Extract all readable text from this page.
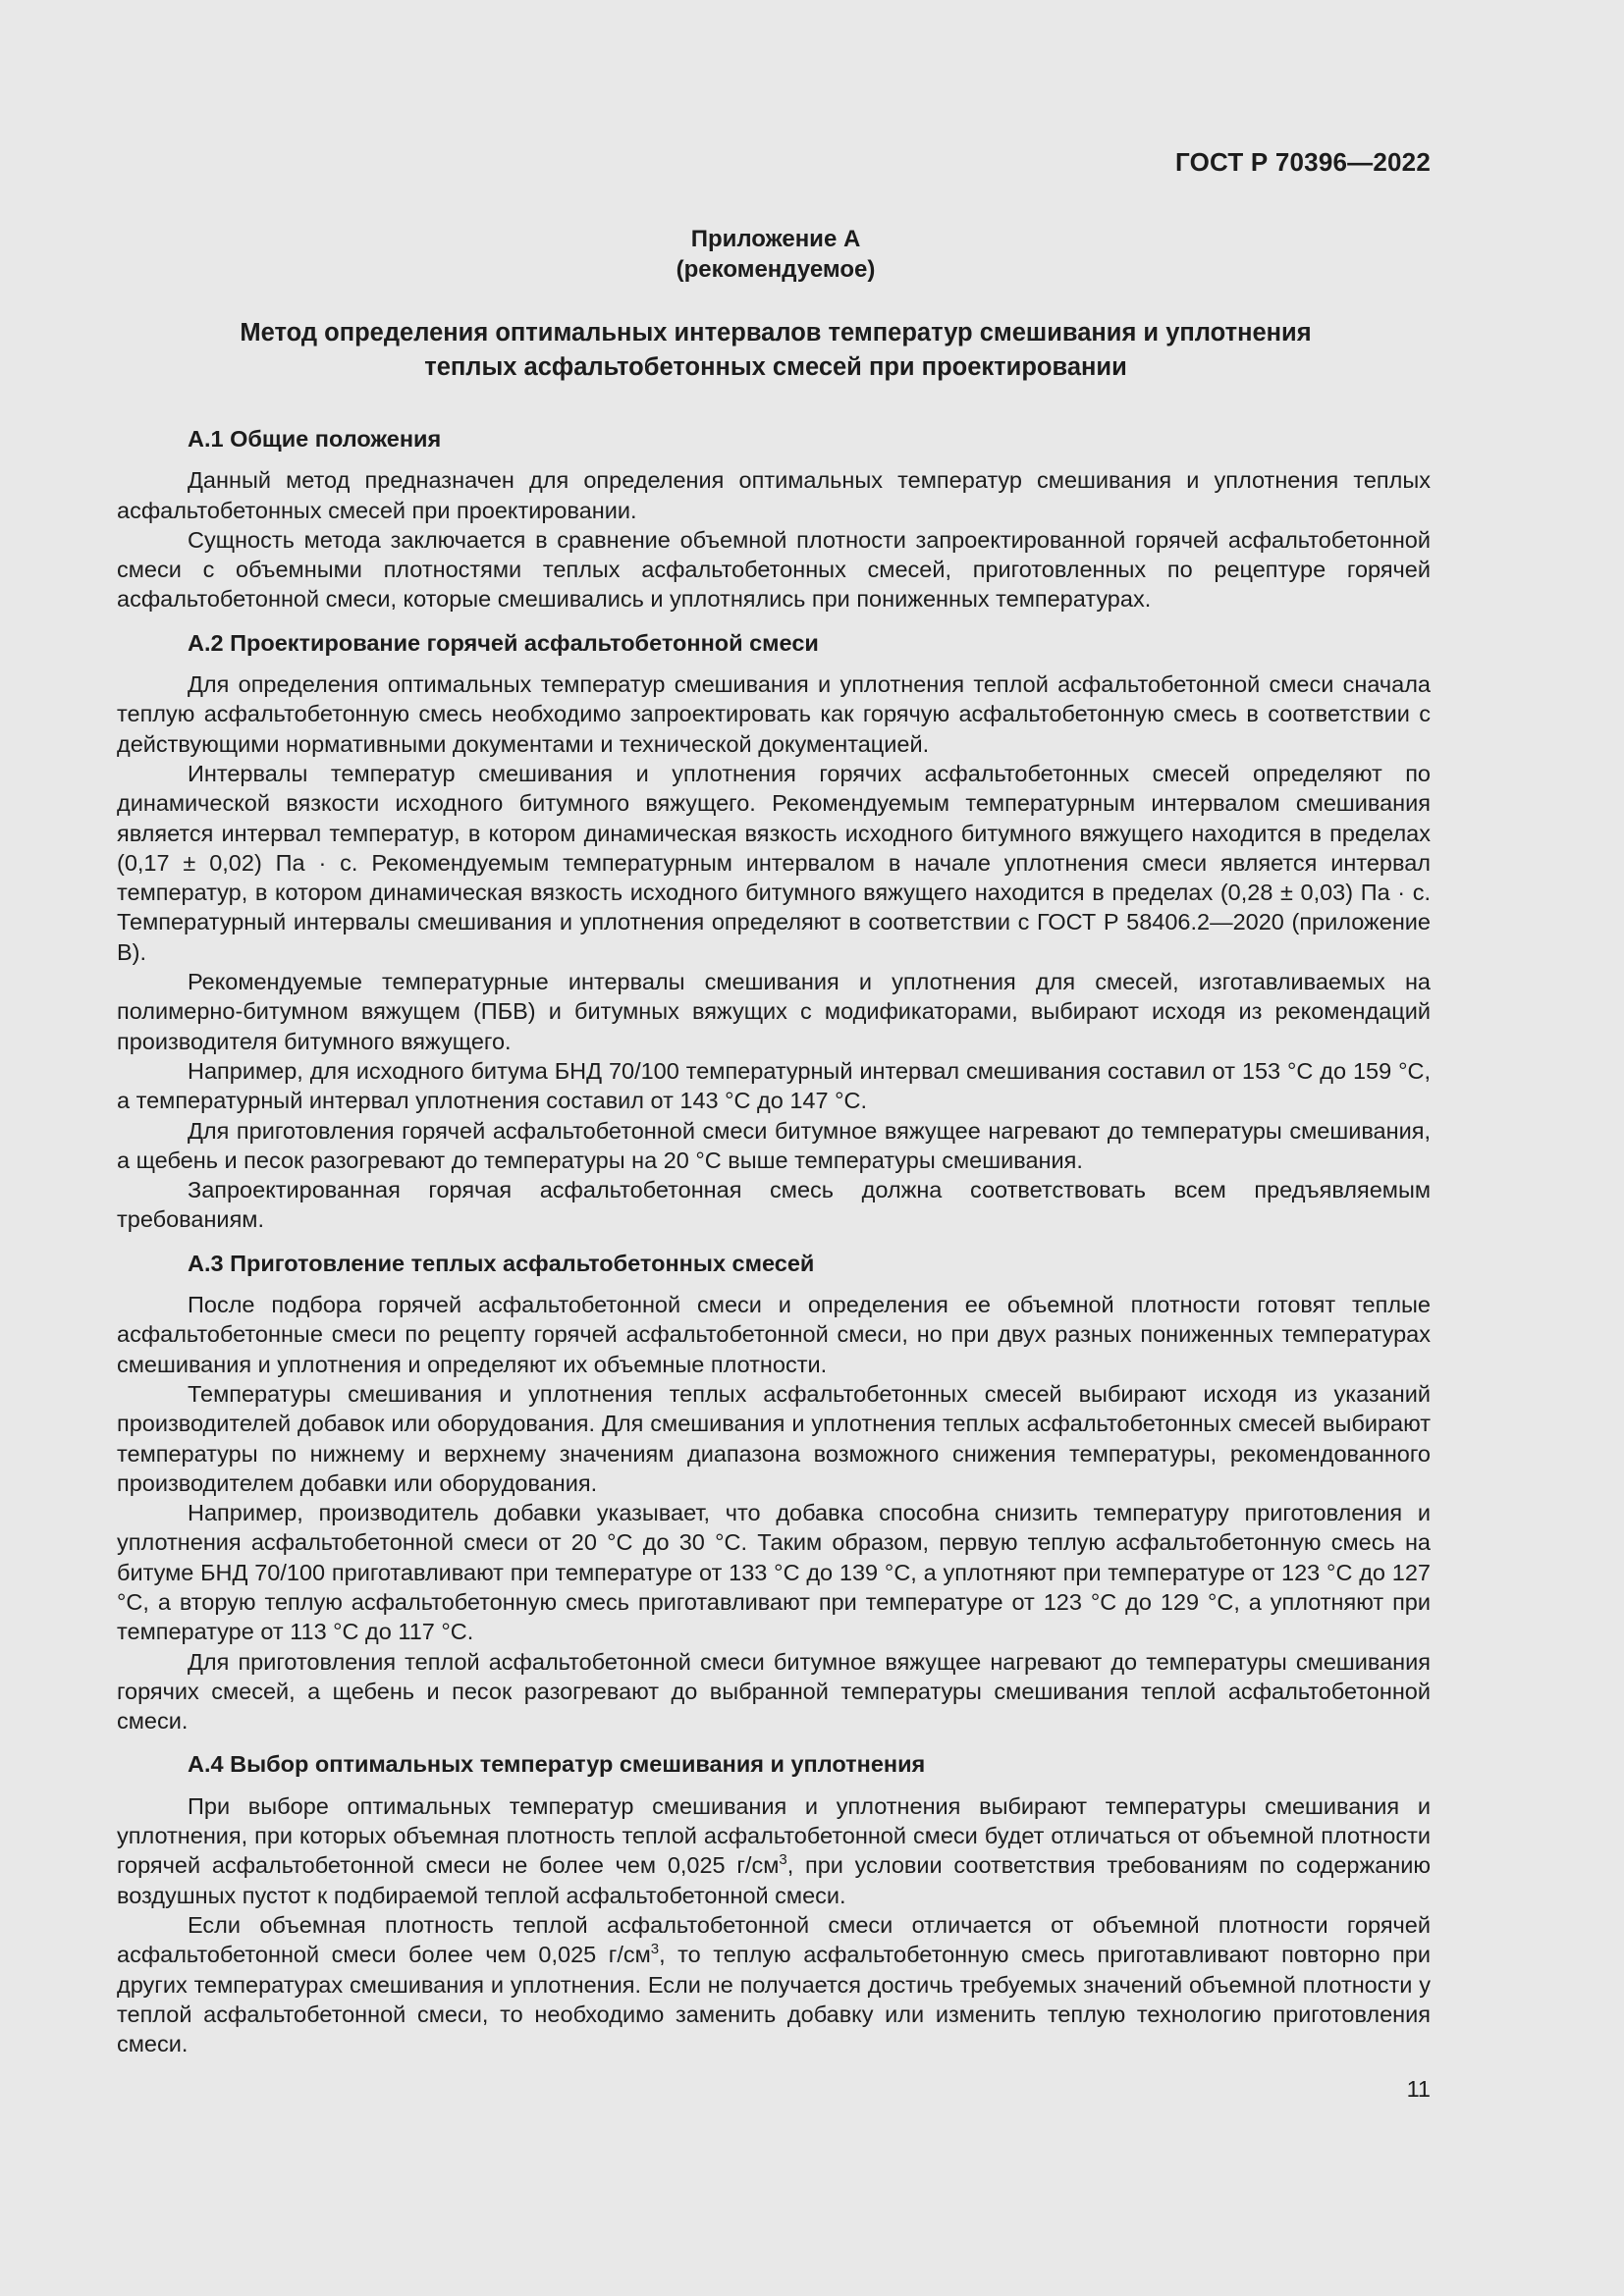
ГОСТ Р 70396—2022
Приложение А
(рекомендуемое)
Метод определения оптимальных интервалов температур смешивания и уплотнения
теплых асфальтобетонных смесей при проектировании
А.1 Общие положения

Данный метод предназначен для определения оптимальных температур смешивания и уплотнения теплых асфальтобетонных смесей при проектировании.

Сущность метода заключается в сравнение объемной плотности запроектированной горячей асфальтобетонной смеси с объемными плотностями теплых асфальтобетонных смесей, приготовленных по рецептуре горячей асфальтобетонной смеси, которые смешивались и уплотнялись при пониженных температурах.

А.2 Проектирование горячей асфальтобетонной смеси

Для определения оптимальных температур смешивания и уплотнения теплой асфальтобетонной смеси сначала теплую асфальтобетонную смесь необходимо запроектировать как горячую асфальтобетонную смесь в соответствии с действующими нормативными документами и технической документацией.

Интервалы температур смешивания и уплотнения горячих асфальтобетонных смесей определяют по динамической вязкости исходного битумного вяжущего. Рекомендуемым температурным интервалом смешивания является интервал температур, в котором динамическая вязкость исходного битумного вяжущего находится в пределах (0,17 ± 0,02) Па · с. Рекомендуемым температурным интервалом в начале уплотнения смеси является интервал температур, в котором динамическая вязкость исходного битумного вяжущего находится в пределах (0,28 ± 0,03) Па · с. Температурный интервалы смешивания и уплотнения определяют в соответствии с ГОСТ Р 58406.2—2020 (приложение В).

Рекомендуемые температурные интервалы смешивания и уплотнения для смесей, изготавливаемых на полимерно-битумном вяжущем (ПБВ) и битумных вяжущих с модификаторами, выбирают исходя из рекомендаций производителя битумного вяжущего.

Например, для исходного битума БНД 70/100 температурный интервал смешивания составил от 153 °С до 159 °С, а температурный интервал уплотнения составил от 143 °С до 147 °С.

Для приготовления горячей асфальтобетонной смеси битумное вяжущее нагревают до температуры смешивания, а щебень и песок разогревают до температуры на 20 °С выше температуры смешивания.

Запроектированная горячая асфальтобетонная смесь должна соответствовать всем предъявляемым требованиям.

А.3 Приготовление теплых асфальтобетонных смесей

После подбора горячей асфальтобетонной смеси и определения ее объемной плотности готовят теплые асфальтобетонные смеси по рецепту горячей асфальтобетонной смеси, но при двух разных пониженных температурах смешивания и уплотнения и определяют их объемные плотности.

Температуры смешивания и уплотнения теплых асфальтобетонных смесей выбирают исходя из указаний производителей добавок или оборудования. Для смешивания и уплотнения теплых асфальтобетонных смесей выбирают температуры по нижнему и верхнему значениям диапазона возможного снижения температуры, рекомендованного производителем добавки или оборудования.

Например, производитель добавки указывает, что добавка способна снизить температуру приготовления и уплотнения асфальтобетонной смеси от 20 °С до 30 °С. Таким образом, первую теплую асфальтобетонную смесь на битуме БНД 70/100 приготавливают при температуре от 133 °С до 139 °С, а уплотняют при температуре от 123 °С до 127 °С, а вторую теплую асфальтобетонную смесь приготавливают при температуре от 123 °С до 129 °С, а уплотняют при температуре от 113 °С до 117 °С.

Для приготовления теплой асфальтобетонной смеси битумное вяжущее нагревают до температуры смешивания горячих смесей, а щебень и песок разогревают до выбранной температуры смешивания теплой асфальтобетонной смеси.

А.4 Выбор оптимальных температур смешивания и уплотнения

При выборе оптимальных температур смешивания и уплотнения выбирают температуры смешивания и уплотнения, при которых объемная плотность теплой асфальтобетонной смеси будет отличаться от объемной плотности горячей асфальтобетонной смеси не более чем 0,025 $г/см^3$, при условии соответствия требованиям по содержанию воздушных пустот к подбираемой теплой асфальтобетонной смеси.

Если объемная плотность теплой асфальтобетонной смеси отличается от объемной плотности горячей асфальтобетонной смеси более чем 0,025 $г/см^3$, то теплую асфальтобетонную смесь приготавливают повторно при других температурах смешивания и уплотнения. Если не получается достичь требуемых значений объемной плотности у теплой асфальтобетонной смеси, то необходимо заменить добавку или изменить теплую технологию приготовления смеси.

11
